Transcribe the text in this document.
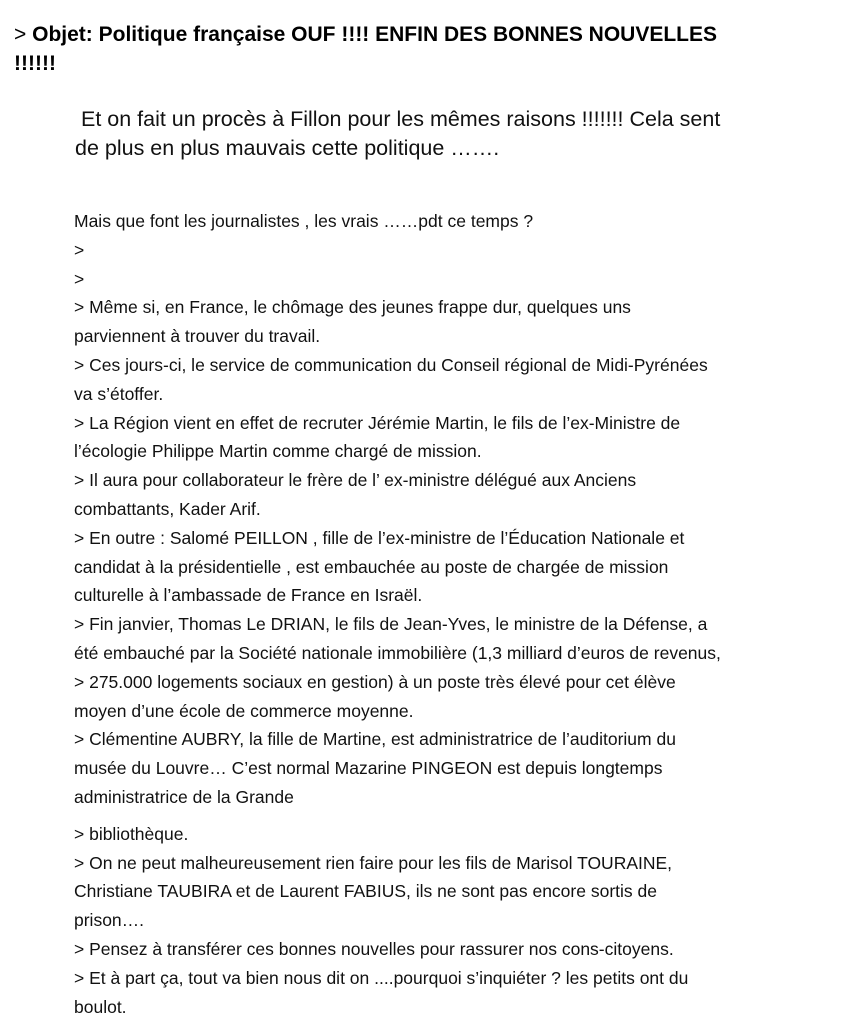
> Objet: Politique française OUF !!!! ENFIN DES BONNES NOUVELLES
!!!!!!
Et on fait un procès à Fillon pour les mêmes raisons !!!!!!! Cela sent
de plus en plus mauvais cette politique …….
Mais que font les journalistes , les vrais ……pdt ce temps ?
>
>
> Même si, en France, le chômage des jeunes frappe dur, quelques uns
parviennent à trouver du travail.
> Ces jours-ci, le service de communication du Conseil régional de Midi-Pyrénées
va s’étoffer.
> La Région vient en effet de recruter Jérémie Martin, le fils de l’ex-Ministre de
l’écologie Philippe Martin comme chargé de mission.
> Il aura pour collaborateur le frère de l’ ex-ministre délégué aux Anciens
combattants, Kader Arif.
> En outre : Salomé PEILLON , fille de l’ex-ministre de l’Éducation Nationale et
candidat à la présidentielle , est embauchée au poste de chargée de mission
culturelle à l’ambassade de France en Israël.
> Fin janvier, Thomas Le DRIAN, le fils de Jean-Yves, le ministre de la Défense, a
été embauché par la Société nationale immobilière (1,3 milliard d’euros de revenus,
> 275.000 logements sociaux en gestion) à un poste très élevé pour cet élève
moyen d’une école de commerce moyenne.
> Clémentine AUBRY, la fille de Martine, est administratrice de l’auditorium du
musée du Louvre… C’est normal Mazarine PINGEON est depuis longtemps
administratrice de la Grande
> bibliothèque.
> On ne peut malheureusement rien faire pour les fils de Marisol TOURAINE,
Christiane TAUBIRA et de Laurent FABIUS, ils ne sont pas encore sortis de
prison….
> Pensez à transférer ces bonnes nouvelles pour rassurer nos cons-citoyens.
> Et à part ça, tout va bien nous dit on ....pourquoi s’inquiéter ? les petits ont du
boulot.
